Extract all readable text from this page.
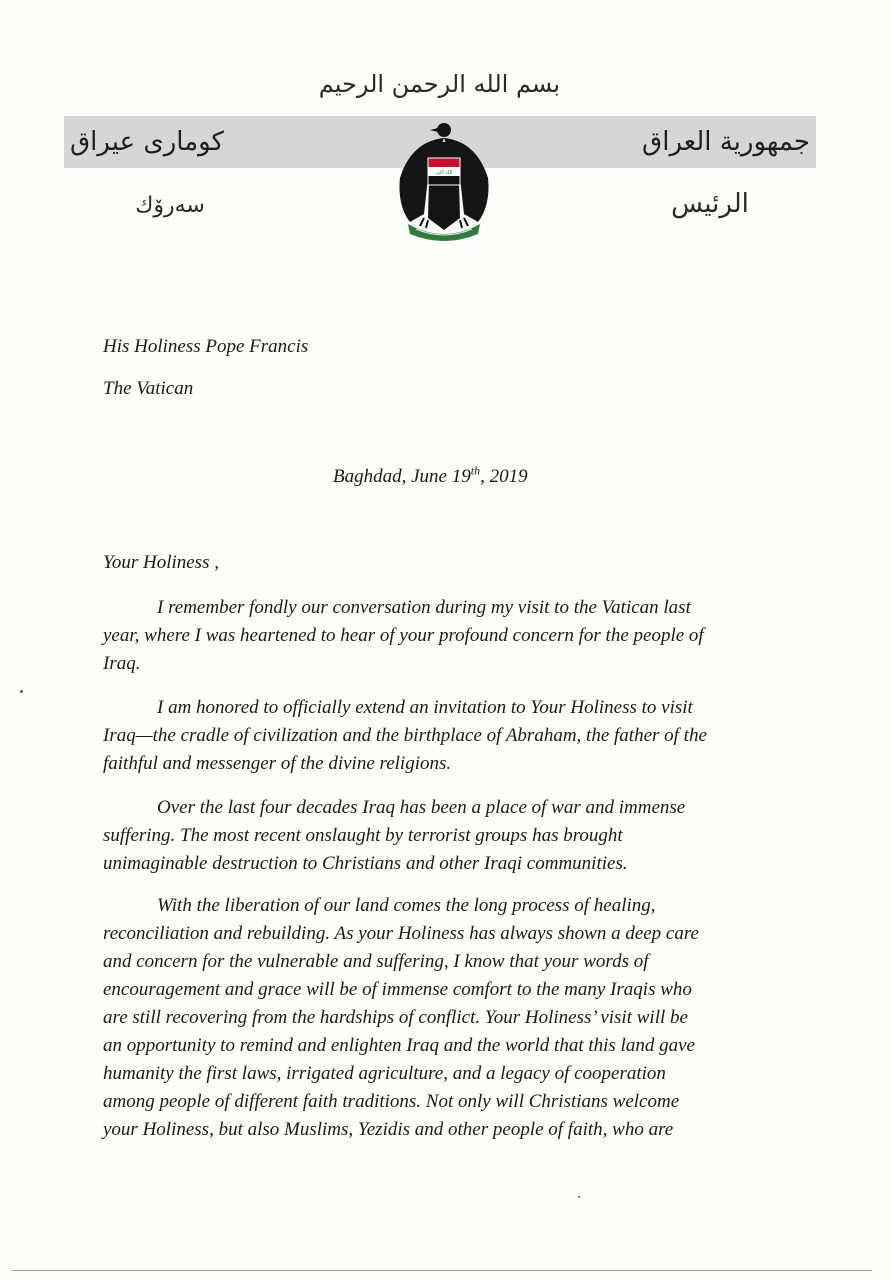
بسم الله الرحمن الرحيم
كوماری عیراق	جمهورية العراق
سەرۆك	الرئيس
الله أكبر
His Holiness Pope Francis
The Vatican
Baghdad, June 19th, 2019
Your Holiness ,

I remember fondly our conversation during my visit to the Vatican last
year, where I was heartened to hear of your profound concern for the people of
Iraq.

I am honored to officially extend an invitation to Your Holiness to visit
Iraq—the cradle of civilization and the birthplace of Abraham, the father of the
faithful and messenger of the divine religions.

Over the last four decades Iraq has been a place of war and immense
suffering. The most recent onslaught by terrorist groups has brought
unimaginable destruction to Christians and other Iraqi communities.

With the liberation of our land comes the long process of healing,
reconciliation and rebuilding. As your Holiness has always shown a deep care
and concern for the vulnerable and suffering, I know that your words of
encouragement and grace will be of immense comfort to the many Iraqis who
are still recovering from the hardships of conflict. Your Holiness’ visit will be
an opportunity to remind and enlighten Iraq and the world that this land gave
humanity the first laws, irrigated agriculture, and a legacy of cooperation
among people of different faith traditions. Not only will Christians welcome
your Holiness, but also Muslims, Yezidis and other people of faith, who are
